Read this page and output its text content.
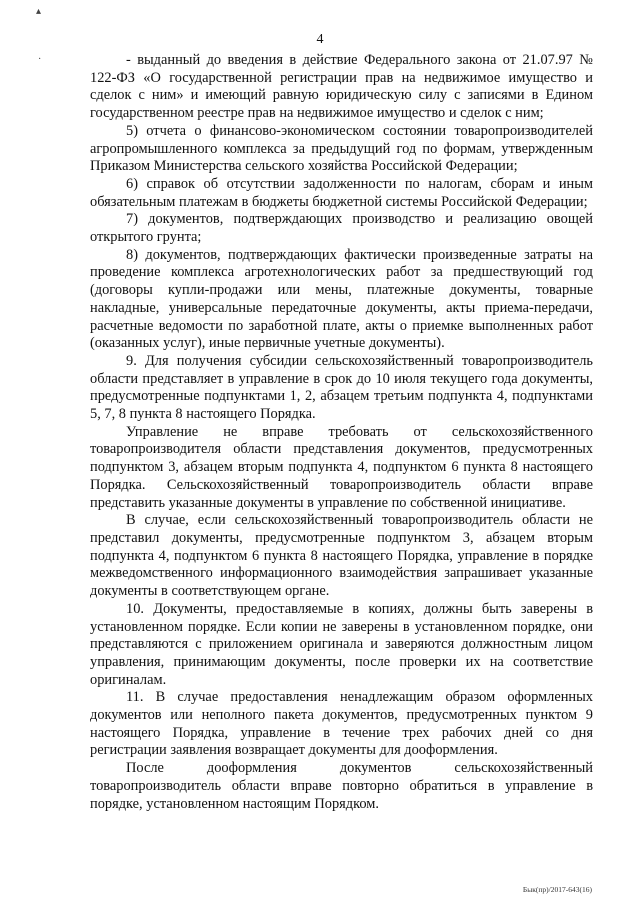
▴
·
4

- выданный до введения в действие Федерального закона от 21.07.97 № 122-ФЗ «О государственной регистрации прав на недвижимое имущество и сделок с ним» и имеющий равную юридическую силу с записями в Едином государственном реестре прав на недвижимое имущество и сделок с ним;

5) отчета о финансово-экономическом состоянии товаропроизводителей агропромышленного комплекса за предыдущий год по формам, утвержденным Приказом Министерства сельского хозяйства Российской Федерации;

6) справок об отсутствии задолженности по налогам, сборам и иным обязательным платежам в бюджеты бюджетной системы Российской Федерации;

7) документов, подтверждающих производство и реализацию овощей открытого грунта;

8) документов, подтверждающих фактически произведенные затраты на проведение комплекса агротехнологических работ за предшествующий год (договоры купли-продажи или мены, платежные документы, товарные накладные, универсальные передаточные документы, акты приема-передачи, расчетные ведомости по заработной плате, акты о приемке выполненных работ (оказанных услуг), иные первичные учетные документы).

9. Для получения субсидии сельскохозяйственный товаропроизводитель области представляет в управление в срок до 10 июля текущего года документы, предусмотренные подпунктами 1, 2, абзацем третьим подпункта 4, подпунктами 5, 7, 8 пункта 8 настоящего Порядка.

Управление не вправе требовать от сельскохозяйственного товаропроизводителя области представления документов, предусмотренных подпунктом 3, абзацем вторым подпункта 4, подпунктом 6 пункта 8 настоящего Порядка. Сельскохозяйственный товаропроизводитель области вправе представить указанные документы в управление по собственной инициативе.

В случае, если сельскохозяйственный товаропроизводитель области не представил документы, предусмотренные подпунктом 3, абзацем вторым подпункта 4, подпунктом 6 пункта 8 настоящего Порядка, управление в порядке межведомственного информационного взаимодействия запрашивает указанные документы в соответствующем органе.

10. Документы, предоставляемые в копиях, должны быть заверены в установленном порядке. Если копии не заверены в установленном порядке, они представляются с приложением оригинала и заверяются должностным лицом управления, принимающим документы, после проверки их на соответствие оригиналам.

11. В случае предоставления ненадлежащим образом оформленных документов или неполного пакета документов, предусмотренных пунктом 9 настоящего Порядка, управление в течение трех рабочих дней со дня регистрации заявления возвращает документы для дооформления.

После дооформления документов сельскохозяйственный товаропроизводитель области вправе повторно обратиться в управление в порядке, установленном настоящим Порядком.

Бык(пр)/2017-643(16)
